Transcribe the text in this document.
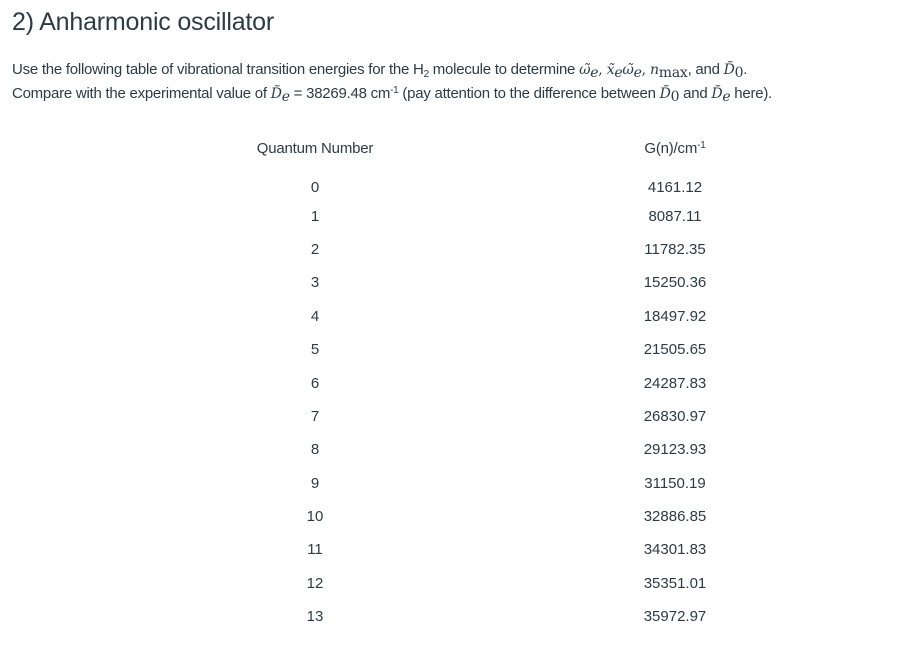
2) Anharmonic oscillator
Use the following table of vibrational transition energies for the $H_2$ molecule to determine $\omegã_e$, $x̃_e\omegã_e$, $n_{max}$, and $D̃_0$.
Compare with the experimental value of $D̃_e = 38269.48$ $cm^{-1}$ (pay attention to the difference between $D̃_0$ and $D̃_e$ here).
Quantum Number	$G(n)/cm^{-1}$
0	4161.12
1	8087.11
2	11782.35
3	15250.36
4	18497.92
5	21505.65
6	24287.83
7	26830.97
8	29123.93
9	31150.19
10	32886.85
11	34301.83
12	35351.01
13	35972.97
